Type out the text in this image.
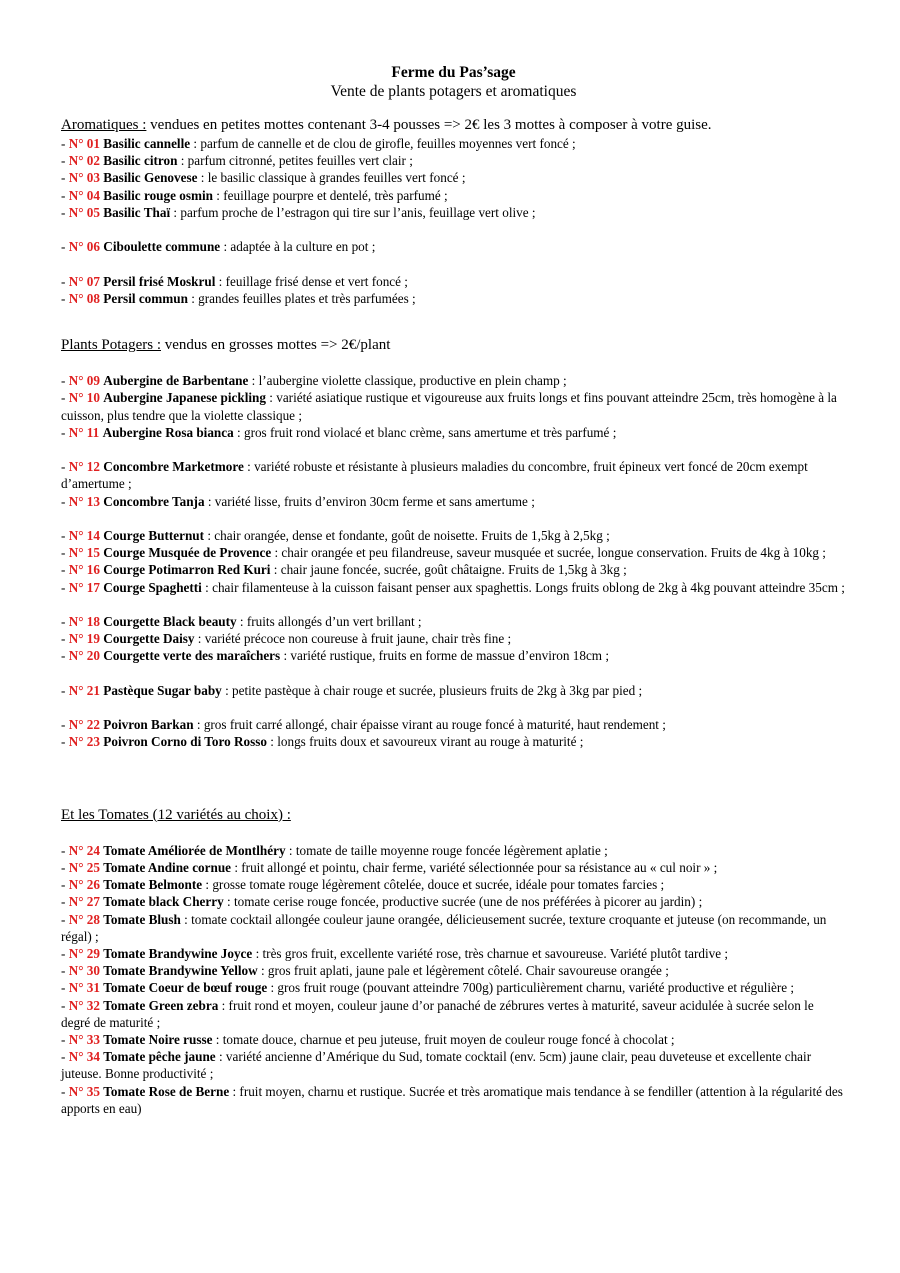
Ferme du Pas’sage
Vente de plants potagers et aromatiques
Aromatiques : vendues en petites mottes contenant 3-4 pousses => 2€ les 3 mottes à composer à votre guise.

- N° 01 Basilic cannelle : parfum de cannelle et de clou de girofle, feuilles moyennes vert foncé ;

- N° 02 Basilic citron : parfum citronné, petites feuilles vert clair ;

- N° 03 Basilic Genovese : le basilic classique à grandes feuilles vert foncé ;

- N° 04 Basilic rouge osmin : feuillage pourpre et dentelé, très parfumé ;

- N° 05 Basilic Thaï : parfum proche de l’estragon qui tire sur l’anis, feuillage vert olive ;

- N° 06 Ciboulette commune : adaptée à la culture en pot ;

- N° 07 Persil frisé Moskrul : feuillage frisé dense et vert foncé ;

- N° 08 Persil commun : grandes feuilles plates et très parfumées ;

Plants Potagers : vendus en grosses mottes => 2€/plant

- N° 09 Aubergine de Barbentane : l’aubergine violette classique, productive en plein champ ;

- N° 10 Aubergine Japanese pickling : variété asiatique rustique et vigoureuse aux fruits longs et fins pouvant atteindre 25cm, très homogène à la cuisson, plus tendre que la violette classique ;

- N° 11 Aubergine Rosa bianca : gros fruit rond violacé et blanc crème, sans amertume et très parfumé ;

- N° 12 Concombre Marketmore : variété robuste et résistante à plusieurs maladies du concombre, fruit épineux vert foncé de 20cm exempt d’amertume ;

- N° 13 Concombre Tanja : variété lisse, fruits d’environ 30cm ferme et sans amertume ;

- N° 14 Courge Butternut : chair orangée, dense et fondante, goût de noisette. Fruits de 1,5kg à 2,5kg ;

- N° 15 Courge Musquée de Provence : chair orangée et peu filandreuse, saveur musquée et sucrée, longue conservation. Fruits de 4kg à 10kg ;

- N° 16 Courge Potimarron Red Kuri : chair jaune foncée, sucrée, goût châtaigne. Fruits de 1,5kg à 3kg ;

- N° 17 Courge Spaghetti : chair filamenteuse à la cuisson faisant penser aux spaghettis. Longs fruits oblong de 2kg à 4kg pouvant atteindre 35cm ;

- N° 18 Courgette Black beauty : fruits allongés d’un vert brillant ;

- N° 19 Courgette Daisy : variété précoce non coureuse à fruit jaune, chair très fine ;

- N° 20 Courgette verte des maraîchers : variété rustique, fruits en forme de massue d’environ 18cm ;

- N° 21 Pastèque Sugar baby : petite pastèque à chair rouge et sucrée, plusieurs fruits de 2kg à 3kg par pied ;

- N° 22 Poivron Barkan : gros fruit carré allongé, chair épaisse virant au rouge foncé à maturité, haut rendement ;

- N° 23 Poivron Corno di Toro Rosso : longs fruits doux et savoureux virant au rouge à maturité ;

Et les Tomates (12 variétés au choix) :

- N° 24 Tomate Améliorée de Montlhéry : tomate de taille moyenne rouge foncée légèrement aplatie ;

- N° 25 Tomate Andine cornue : fruit allongé et pointu, chair ferme, variété sélectionnée pour sa résistance au « cul noir » ;

- N° 26 Tomate Belmonte : grosse tomate rouge légèrement côtelée, douce et sucrée, idéale pour tomates farcies ;

- N° 27 Tomate black Cherry : tomate cerise rouge foncée, productive sucrée (une de nos préférées à picorer au jardin) ;

- N° 28 Tomate Blush : tomate cocktail allongée couleur jaune orangée, délicieusement sucrée, texture croquante et juteuse (on recommande, un régal) ;

- N° 29 Tomate Brandywine Joyce : très gros fruit, excellente variété rose, très charnue et savoureuse. Variété plutôt tardive ;

- N° 30 Tomate Brandywine Yellow : gros fruit aplati, jaune pale et légèrement côtelé. Chair savoureuse orangée ;

- N° 31 Tomate Coeur de bœuf rouge : gros fruit rouge (pouvant atteindre 700g) particulièrement charnu, variété productive et régulière ;

- N° 32 Tomate Green zebra : fruit rond et moyen, couleur jaune d’or panaché de zébrures vertes à maturité, saveur acidulée à sucrée selon le degré de maturité ;

- N° 33 Tomate Noire russe : tomate douce, charnue et peu juteuse, fruit moyen de couleur rouge foncé à chocolat ;

- N° 34 Tomate pêche jaune : variété ancienne d’Amérique du Sud, tomate cocktail (env. 5cm) jaune clair, peau duveteuse et excellente chair juteuse. Bonne productivité ;

- N° 35 Tomate Rose de Berne : fruit moyen, charnu et rustique. Sucrée et très aromatique mais tendance à se fendiller (attention à la régularité des apports en eau)
